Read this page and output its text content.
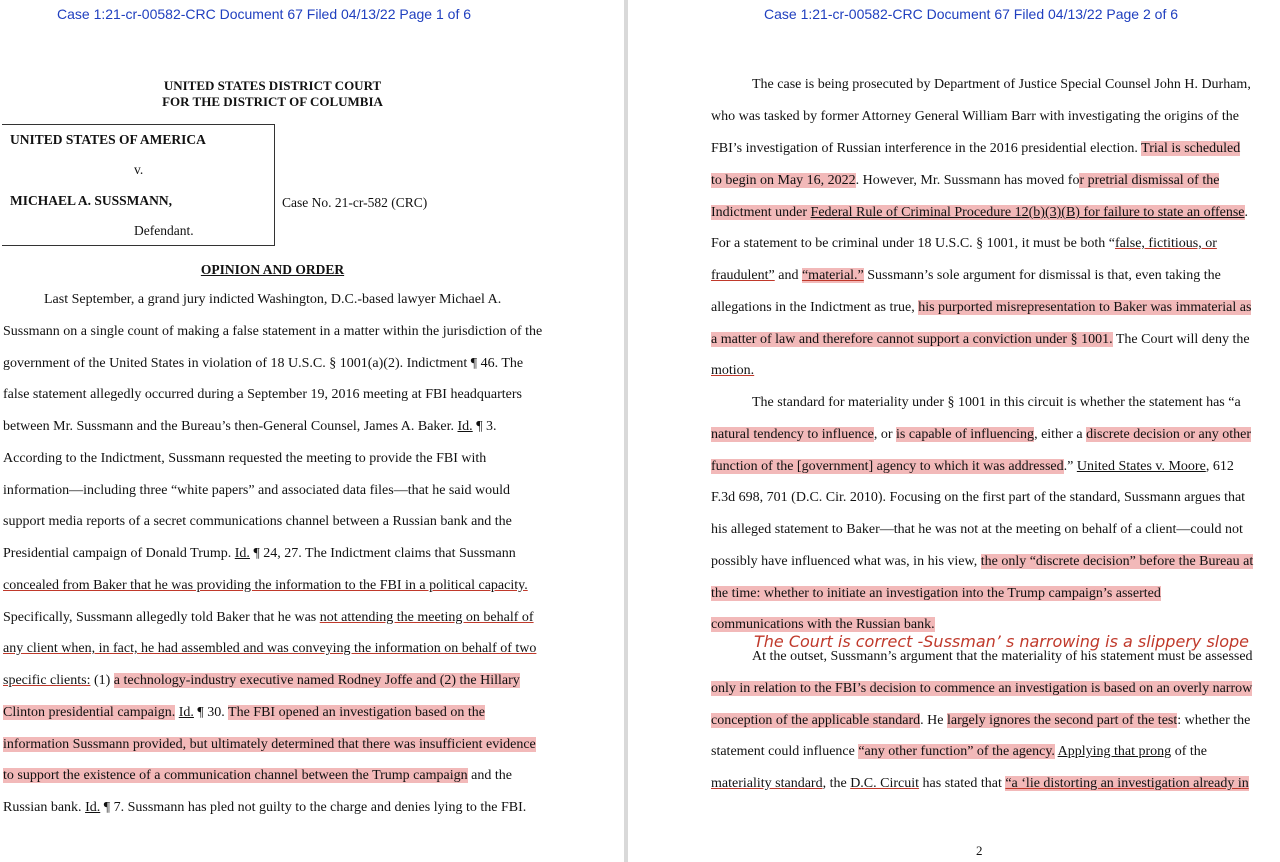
Case 1:21-cr-00582-CRC Document 67 Filed 04/13/22 Page 1 of 6
UNITED STATES DISTRICT COURT
FOR THE DISTRICT OF COLUMBIA
UNITED STATES OF AMERICA
v.
MICHAEL A. SUSSMANN,
Defendant.
Case No. 21-cr-582 (CRC)
OPINION AND ORDER
Last September, a grand jury indicted Washington, D.C.-based lawyer Michael A.
Sussmann on a single count of making a false statement in a matter within the jurisdiction of the
government of the United States in violation of 18 U.S.C. § 1001(a)(2). Indictment ¶ 46. The
false statement allegedly occurred during a September 19, 2016 meeting at FBI headquarters
between Mr. Sussmann and the Bureau’s then-General Counsel, James A. Baker. Id. ¶ 3.
According to the Indictment, Sussmann requested the meeting to provide the FBI with
information—including three “white papers” and associated data files—that he said would
support media reports of a secret communications channel between a Russian bank and the
Presidential campaign of Donald Trump. Id. ¶ 24, 27. The Indictment claims that Sussmann
concealed from Baker that he was providing the information to the FBI in a political capacity.
Specifically, Sussmann allegedly told Baker that he was not attending the meeting on behalf of
any client when, in fact, he had assembled and was conveying the information on behalf of two
specific clients: (1) a technology-industry executive named Rodney Joffe and (2) the Hillary
Clinton presidential campaign. Id. ¶ 30. The FBI opened an investigation based on the
information Sussmann provided, but ultimately determined that there was insufficient evidence
to support the existence of a communication channel between the Trump campaign and the
Russian bank. Id. ¶ 7. Sussmann has pled not guilty to the charge and denies lying to the FBI.
Case 1:21-cr-00582-CRC Document 67 Filed 04/13/22 Page 2 of 6
The case is being prosecuted by Department of Justice Special Counsel John H. Durham,
who was tasked by former Attorney General William Barr with investigating the origins of the
FBI’s investigation of Russian interference in the 2016 presidential election. Trial is scheduled
to begin on May 16, 2022. However, Mr. Sussmann has moved for pretrial dismissal of the
Indictment under Federal Rule of Criminal Procedure 12(b)(3)(B) for failure to state an offense.
For a statement to be criminal under 18 U.S.C. § 1001, it must be both “false, fictitious, or
fraudulent” and “material.” Sussmann’s sole argument for dismissal is that, even taking the
allegations in the Indictment as true, his purported misrepresentation to Baker was immaterial as
a matter of law and therefore cannot support a conviction under § 1001. The Court will deny the
motion.
The standard for materiality under § 1001 in this circuit is whether the statement has “a
natural tendency to influence, or is capable of influencing, either a discrete decision or any other
function of the [government] agency to which it was addressed.” United States v. Moore, 612
F.3d 698, 701 (D.C. Cir. 2010). Focusing on the first part of the standard, Sussmann argues that
his alleged statement to Baker—that he was not at the meeting on behalf of a client—could not
possibly have influenced what was, in his view, the only “discrete decision” before the Bureau at
the time: whether to initiate an investigation into the Trump campaign’s asserted
communications with the Russian bank.
At the outset, Sussmann’s argument that the materiality of his statement must be assessed
only in relation to the FBI’s decision to commence an investigation is based on an overly narrow
conception of the applicable standard. He largely ignores the second part of the test: whether the
statement could influence “any other function” of the agency. Applying that prong of the
materiality standard, the D.C. Circuit has stated that “a ‘lie distorting an investigation already in
2
The Court is correct -Sussman’ s narrowing is a slippery slope
